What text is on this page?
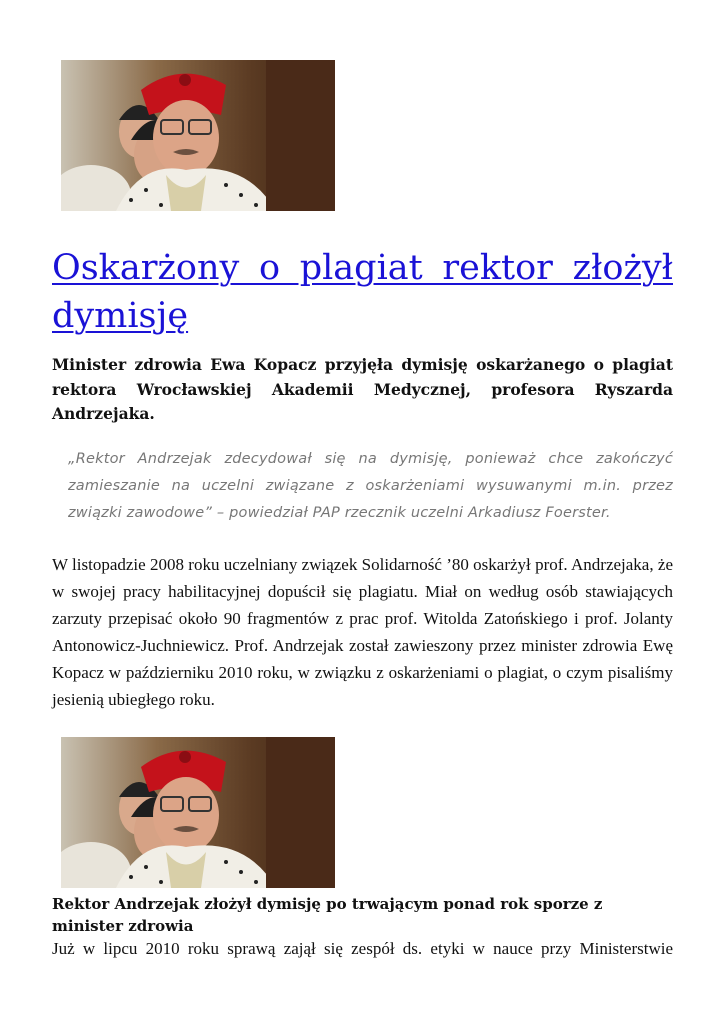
Oskarżony o plagiat rektor złożył dymisję

Minister zdrowia Ewa Kopacz przyjęła dymisję oskarżanego o plagiat rektora Wrocławskiej Akademii Medycznej, profesora Ryszarda Andrzejaka.

„Rektor Andrzejak zdecydował się na dymisję, ponieważ chce zakończyć zamieszanie na uczelni związane z oskarżeniami wysuwanymi m.in. przez związki zawodowe” – powiedział PAP rzecznik uczelni Arkadiusz Foerster.

W listopadzie 2008 roku uczelniany związek Solidarność ’80 oskarżył prof. Andrzejaka, że w swojej pracy habilitacyjnej dopuścił się plagiatu. Miał on według osób stawiających zarzuty przepisać około 90 fragmentów z prac prof. Witolda Zatońskiego i prof. Jolanty Antonowicz-Juchniewicz. Prof. Andrzejak został zawieszony przez minister zdrowia Ewę Kopacz w październiku 2010 roku, w związku z oskarżeniami o plagiat, o czym pisaliśmy jesienią ubiegłego roku.

Rektor Andrzejak złożył dymisję po trwającym ponad rok sporze z minister zdrowia

Już w lipcu 2010 roku sprawą zajął się zespół ds. etyki w nauce przy Ministerstwie
